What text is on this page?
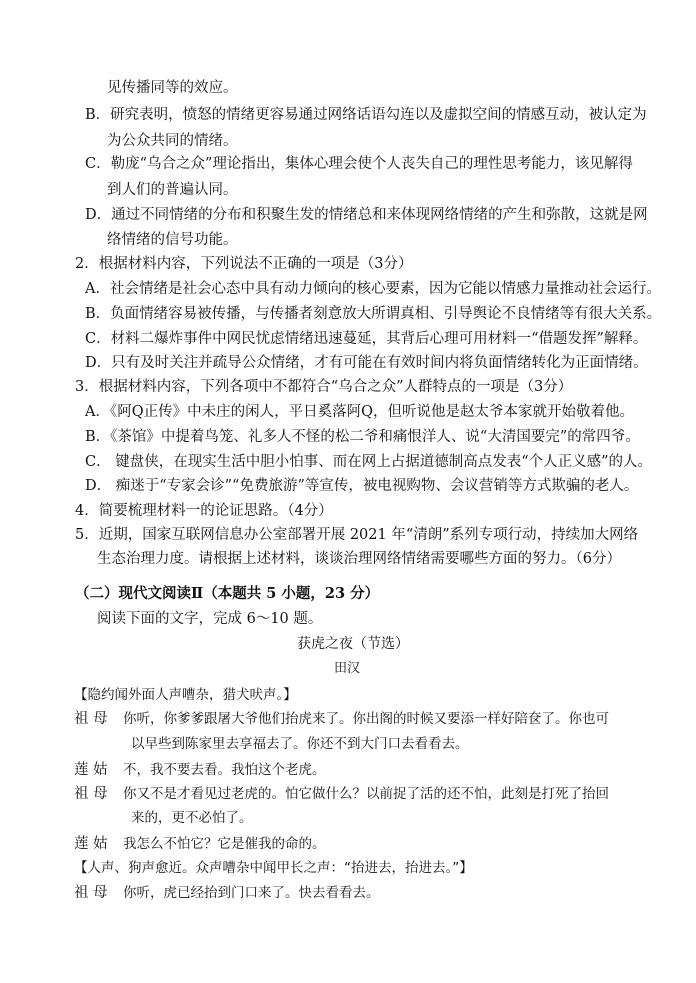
见传播同等的效应。
B．研究表明，愤怒的情绪更容易通过网络话语勾连以及虚拟空间的情感互动，被认定为
为公众共同的情绪。
C．勒庞“乌合之众”理论指出，集体心理会使个人丧失自己的理性思考能力，该见解得
到人们的普遍认同。
D．通过不同情绪的分布和积聚生发的情绪总和来体现网络情绪的产生和弥散，这就是网
络情绪的信号功能。
2．根据材料内容，下列说法不正确的一项是（3分）
A．社会情绪是社会心态中具有动力倾向的核心要素，因为它能以情感力量推动社会运行。
B．负面情绪容易被传播，与传播者刻意放大所谓真相、引导舆论不良情绪等有很大关系。
C．材料二爆炸事件中网民忧虑情绪迅速蔓延，其背后心理可用材料一“借题发挥”解释。
D．只有及时关注并疏导公众情绪，才有可能在有效时间内将负面情绪转化为正面情绪。
3．根据材料内容，下列各项中不都符合“乌合之众”人群特点的一项是（3分）
A．《阿Q正传》中未庄的闲人，平日奚落阿Q，但听说他是赵太爷本家就开始敬着他。
B．《茶馆》中提着鸟笼、礼多人不怪的松二爷和痛恨洋人、说“大清国要完”的常四爷。
C． 键盘侠，在现实生活中胆小怕事、而在网上占据道德制高点发表“个人正义感”的人。
D． 痴迷于“专家会诊”“免费旅游”等宣传，被电视购物、会议营销等方式欺骗的老人。
4．简要梳理材料一的论证思路。（4分）
5．近期，国家互联网信息办公室部署开展 2021 年“清朗”系列专项行动，持续加大网络
生态治理力度。请根据上述材料，谈谈治理网络情绪需要哪些方面的努力。（6分）
（二）现代文阅读Ⅱ（本题共 5 小题，23 分）
阅读下面的文字，完成 6～10 题。
获虎之夜（节选）
田汉
【隐约闻外面人声嘈杂，猎犬吠声。】
祖 母 你听，你爹爹跟屠大爷他们抬虎来了。你出阁的时候又要添一样好陪奁了。你也可
以早些到陈家里去享福去了。你还不到大门口去看看去。
莲 姑 不，我不要去看。我怕这个老虎。
祖 母 你又不是才看见过老虎的。怕它做什么？以前捉了活的还不怕，此刻是打死了抬回
来的，更不必怕了。
莲 姑 我怎么不怕它？它是催我的命的。
【人声、狗声愈近。众声嘈杂中闻甲长之声：“抬进去，抬进去。”】
祖 母 你听，虎已经抬到门口来了。快去看看去。
